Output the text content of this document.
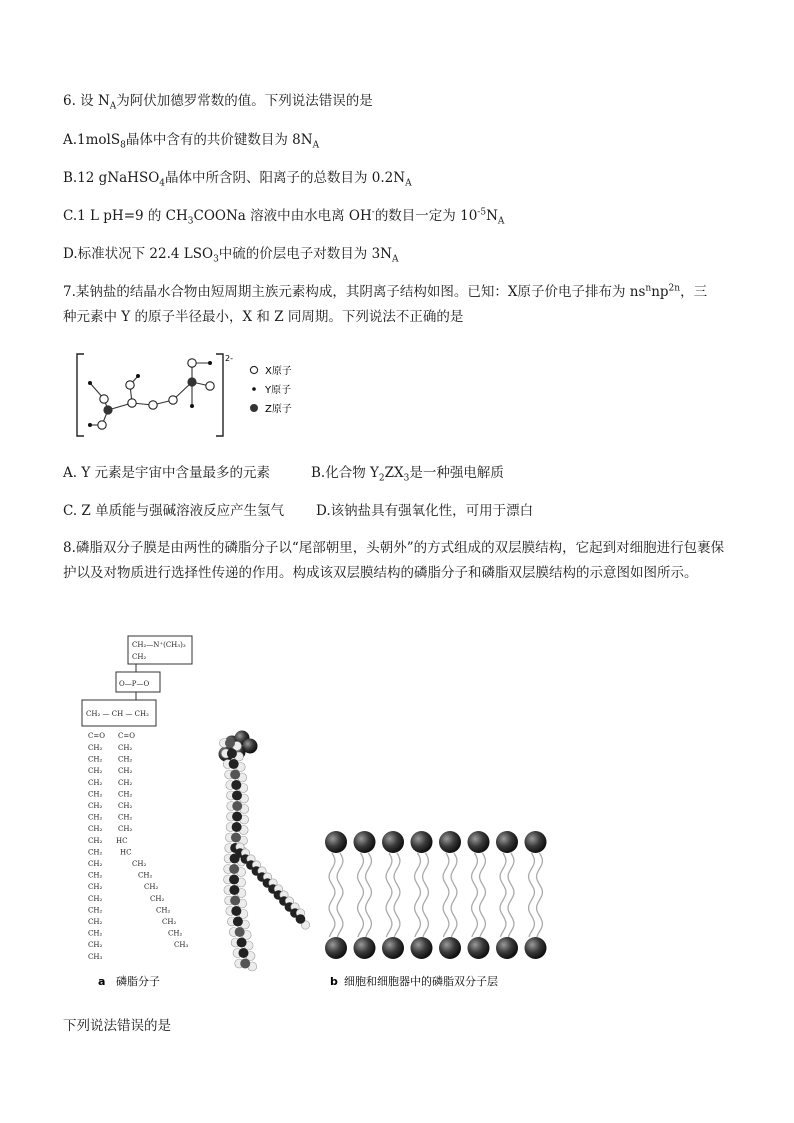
6. 设 $N_A$为阿伏加德罗常数的值。下列说法错误的是
A.1molS$_8$晶体中含有的共价键数目为 $8N_A$
B.12 gNaHSO$_4$晶体中所含阴、阳离子的总数目为 $0.2N_A$
C.1 L pH=9 的 $CH_3COONa$ 溶液中由水电离 OH-的数目一定为 $10^{-5}N_A$
D.标准状况下 22.4 $LSO_3$中硫的价层电子对数目为 $3N_A$
7.某钠盐的结晶水合物由短周期主族元素构成，其阴离子结构如图。已知：X原子价电子排布为 $ns^nnp^{2n}$，三
种元素中 Y 的原子半径最小，X 和 Z 同周期。下列说法不正确的是
2-
X原子
Y原子
Z原子
A. Y 元素是宇宙中含量最多的元素	B.化合物 $Y_2ZX_3$是一种强电解质
C. Z 单质能与强碱溶液反应产生氢气 D.该钠盐具有强氧化性，可用于漂白
8.磷脂双分子膜是由两性的磷脂分子以“尾部朝里，头朝外”的方式组成的双层膜结构，它起到对细胞进行包裹保护以及对物质进行选择性传递的作用。构成该双层膜结构的磷脂分子和磷脂双层膜结构的示意图如图所示。
CH₂—N⁺(CH₃)₃
CH₂
O—P—O
CH₂ — CH — CH₂
C=O
CH₂
CH₂
CH₂
CH₂
CH₂
CH₂
CH₂
CH₂
CH₂
CH₂
CH₂
CH₂
CH₂
CH₂
CH₂
CH₂
CH₂
CH₂
CH₃
C=O
CH₂
CH₂
CH₂
CH₂
CH₂
CH₂
CH₂
CH₂
HC
HC
CH₂
CH₂
CH₂
CH₂
CH₂
CH₂
CH₂
CH₃
a 磷脂分子	b 细胞和细胞器中的磷脂双分子层
下列说法错误的是
